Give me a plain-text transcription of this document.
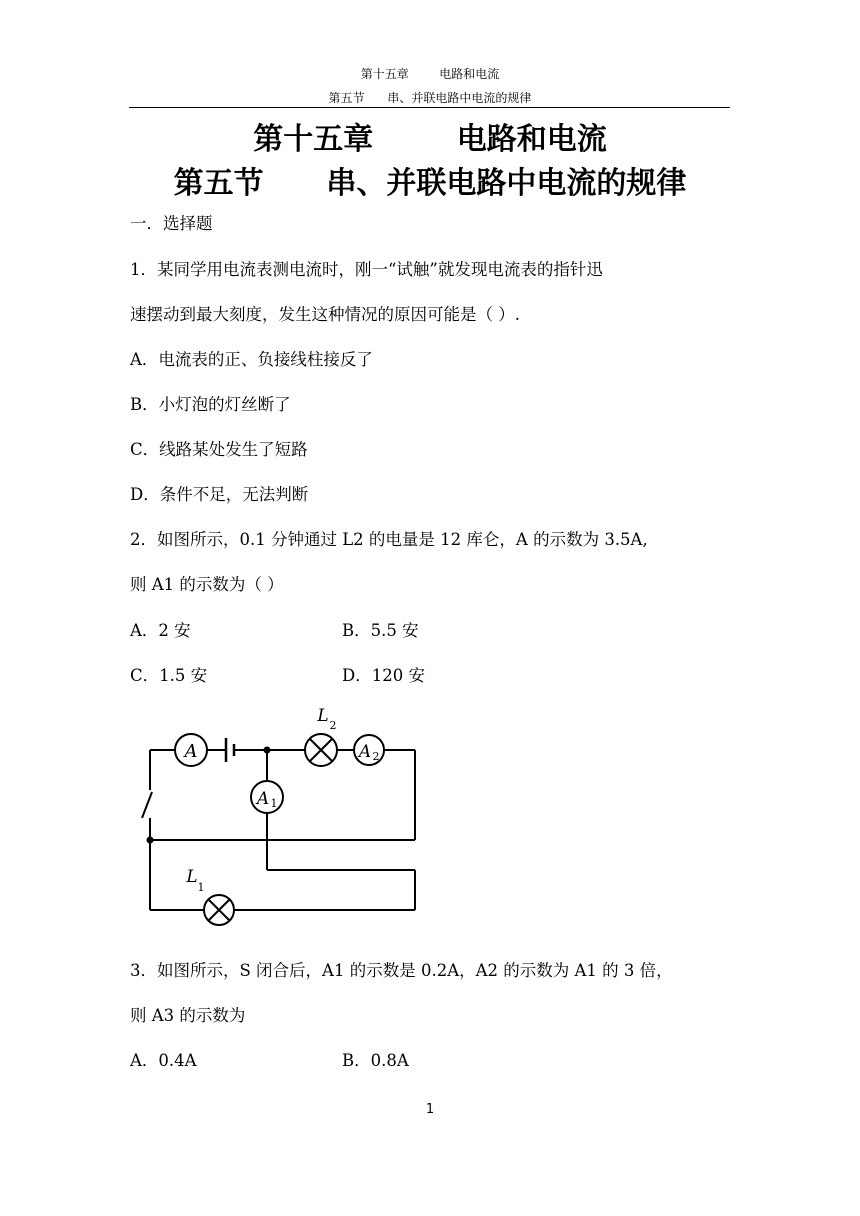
第十五章        电路和电流
第五节      串、并联电路中电流的规律
第十五章        电路和电流
第五节      串、并联电路中电流的规律
一．选择题
1．某同学用电流表测电流时，刚一“试触”就发现电流表的指针迅
速摆动到最大刻度，发生这种情况的原因可能是（ ）.
A．电流表的正、负接线柱接反了
B．小灯泡的灯丝断了
C．线路某处发生了短路
D．条件不足，无法判断
2．如图所示，0.1 分钟通过 L2 的电量是 12 库仑，A 的示数为 3.5A,
则 A1 的示数为（ ）
A．2 安	B．5.5 安
C．1.5 安	D．120 安
A
A 1
L 2
A 2
L
1
3．如图所示，S 闭合后，A1 的示数是 0.2A，A2 的示数为 A1 的 3 倍，
则 A3 的示数为
A．0.4A	B．0.8A
1
